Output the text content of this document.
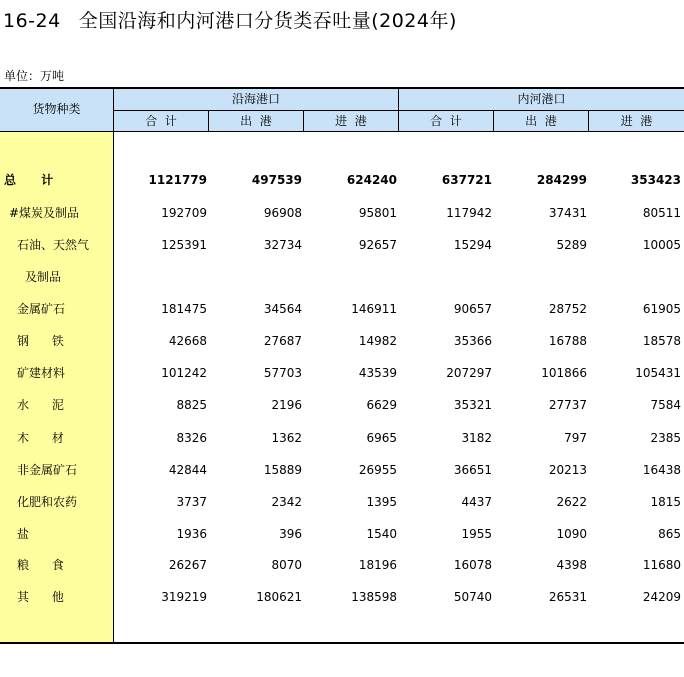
16-24 全国沿海和内河港口分货类吞吐量(2024年)
单位：万吨
货物种类
沿海港口	内河港口
合  计	出  港	进  港	合  计	出  港	进  港
总      计	1121779	497539	624240	637721	284299	353423
#煤炭及制品	192709	96908	95801	117942	37431	80511
石油、天然气	125391	32734	92657	15294	5289	10005
及制品
金属矿石	181475	34564	146911	90657	28752	61905
钢      铁	42668	27687	14982	35366	16788	18578
矿建材料	101242	57703	43539	207297	101866	105431
水      泥	8825	2196	6629	35321	27737	7584
木      材	8326	1362	6965	3182	797	2385
非金属矿石	42844	15889	26955	36651	20213	16438
化肥和农药	3737	2342	1395	4437	2622	1815
盐	1936	396	1540	1955	1090	865
粮      食	26267	8070	18196	16078	4398	11680
其      他	319219	180621	138598	50740	26531	24209
